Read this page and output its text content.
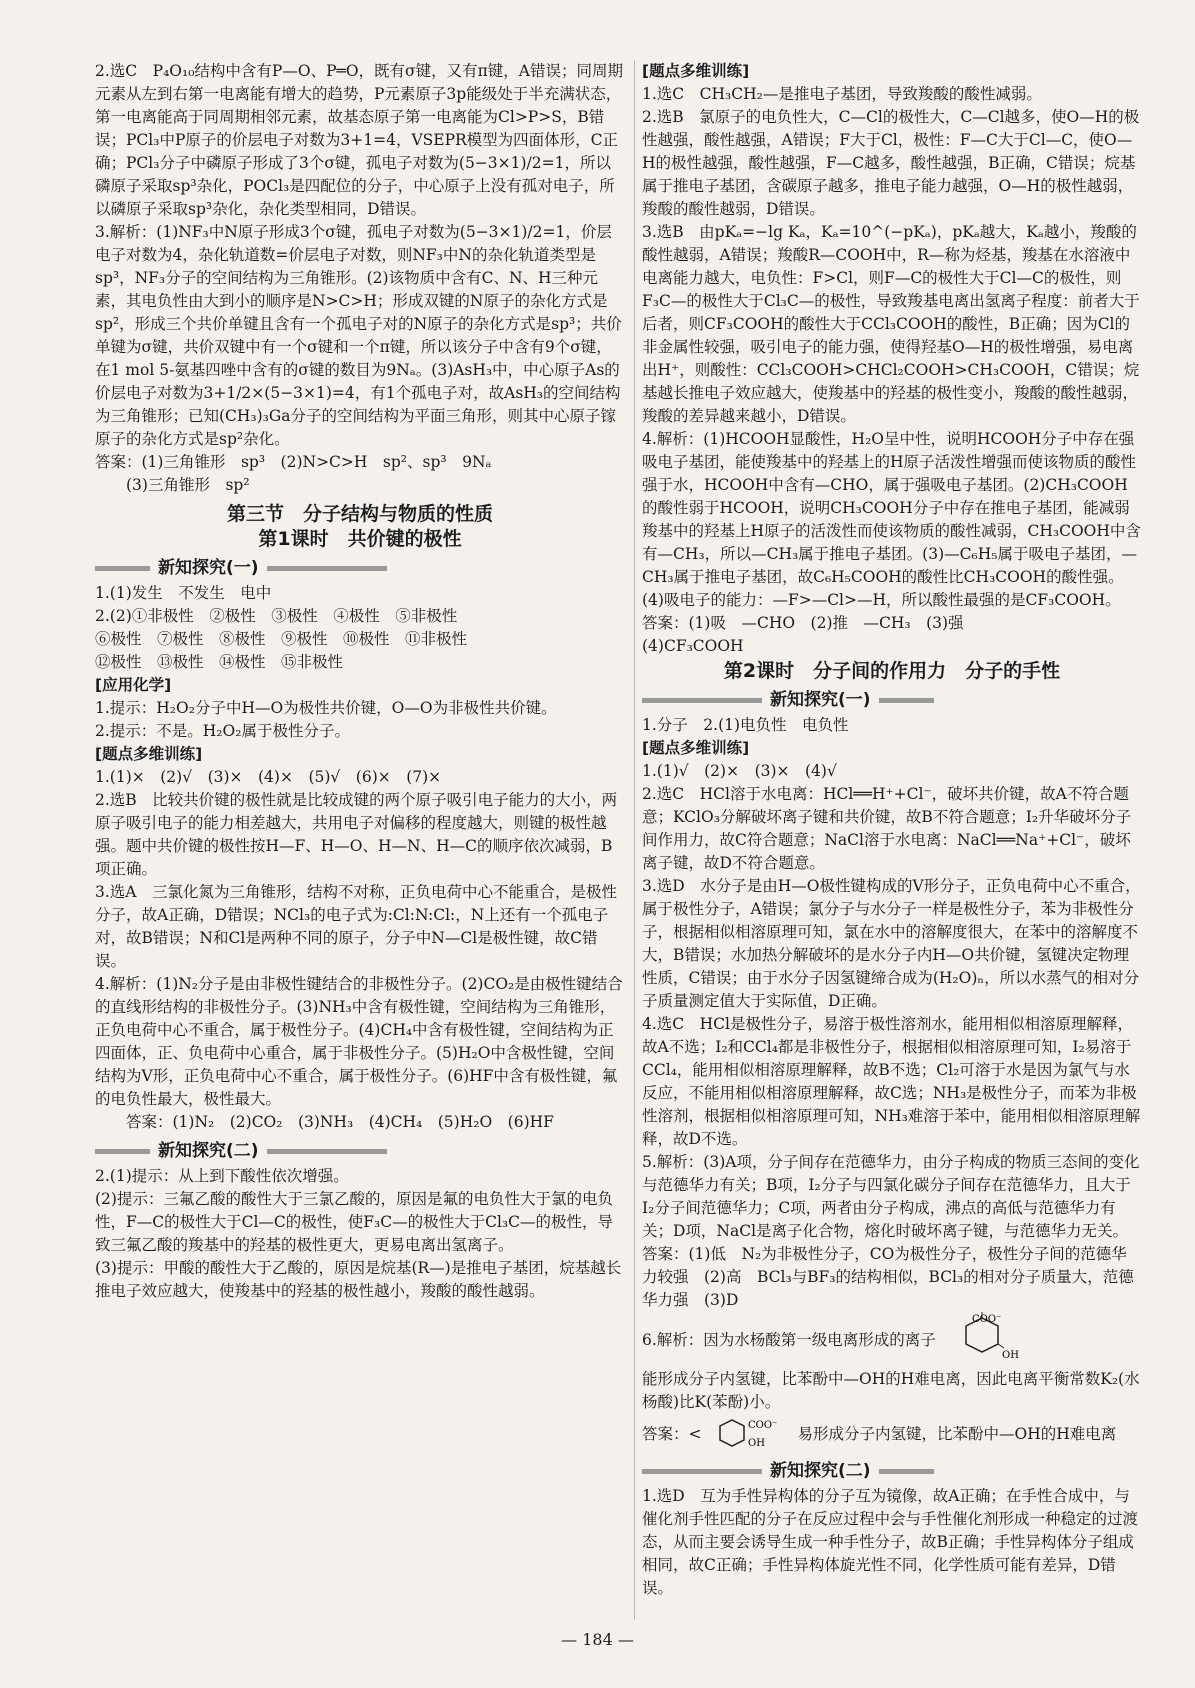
2.选C　P₄O₁₀结构中含有P—O、P═O，既有σ键，又有π键，A错误；同周期元素从左到右第一电离能有增大的趋势，P元素原子3p能级处于半充满状态，第一电离能高于同周期相邻元素，故基态原子第一电离能为Cl>P>S，B错误；PCl₃中P原子的价层电子对数为3+1=4，VSEPR模型为四面体形，C正确；PCl₃分子中磷原子形成了3个σ键，孤电子对数为(5−3×1)/2=1，所以磷原子采取sp³杂化，POCl₃是四配位的分子，中心原子上没有孤对电子，所以磷原子采取sp³杂化，杂化类型相同，D错误。

3.解析：(1)NF₃中N原子形成3个σ键，孤电子对数为(5−3×1)/2=1，价层电子对数为4，杂化轨道数=价层电子对数，则NF₃中N的杂化轨道类型是sp³，NF₃分子的空间结构为三角锥形。(2)该物质中含有C、N、H三种元素，其电负性由大到小的顺序是N>C>H；形成双键的N原子的杂化方式是sp²，形成三个共价单键且含有一个孤电子对的N原子的杂化方式是sp³；共价单键为σ键，共价双键中有一个σ键和一个π键，所以该分子中含有9个σ键，在1 mol 5-氨基四唑中含有的σ键的数目为9Nₐ。(3)AsH₃中，中心原子As的价层电子对数为3+1/2×(5−3×1)=4，有1个孤电子对，故AsH₃的空间结构为三角锥形；已知(CH₃)₃Ga分子的空间结构为平面三角形，则其中心原子镓原子的杂化方式是sp²杂化。

答案：(1)三角锥形　sp³　(2)N>C>H　sp²、sp³　9Nₐ

(3)三角锥形　sp²

第三节　分子结构与物质的性质
第1课时　共价键的极性
新知探究(一)

1.(1)发生　不发生　电中

2.(2)①非极性　②极性　③极性　④极性　⑤非极性

⑥极性　⑦极性　⑧极性　⑨极性　⑩极性　⑪非极性

⑫极性　⑬极性　⑭极性　⑮非极性

[应用化学]

1.提示：H₂O₂分子中H—O为极性共价键，O—O为非极性共价键。

2.提示：不是。H₂O₂属于极性分子。

[题点多维训练]

1.(1)×　(2)√　(3)×　(4)×　(5)√　(6)×　(7)×

2.选B　比较共价键的极性就是比较成键的两个原子吸引电子能力的大小，两原子吸引电子的能力相差越大，共用电子对偏移的程度越大，则键的极性越强。题中共价键的极性按H—F、H—O、H—N、H—C的顺序依次减弱，B项正确。

3.选A　三氯化氮为三角锥形，结构不对称，正负电荷中心不能重合，是极性分子，故A正确，D错误；NCl₃的电子式为:Cl:N:Cl:，N上还有一个孤电子对，故B错误；N和Cl是两种不同的原子，分子中N—Cl是极性键，故C错误。

4.解析：(1)N₂分子是由非极性键结合的非极性分子。(2)CO₂是由极性键结合的直线形结构的非极性分子。(3)NH₃中含有极性键，空间结构为三角锥形，正负电荷中心不重合，属于极性分子。(4)CH₄中含有极性键，空间结构为正四面体，正、负电荷中心重合，属于非极性分子。(5)H₂O中含极性键，空间结构为V形，正负电荷中心不重合，属于极性分子。(6)HF中含有极性键，氟的电负性最大，极性最大。

答案：(1)N₂　(2)CO₂　(3)NH₃　(4)CH₄　(5)H₂O　(6)HF

新知探究(二)

2.(1)提示：从上到下酸性依次增强。

(2)提示：三氟乙酸的酸性大于三氯乙酸的，原因是氟的电负性大于氯的电负性，F—C的极性大于Cl—C的极性，使F₃C—的极性大于Cl₃C—的极性，导致三氟乙酸的羧基中的羟基的极性更大，更易电离出氢离子。

(3)提示：甲酸的酸性大于乙酸的，原因是烷基(R—)是推电子基团，烷基越长推电子效应越大，使羧基中的羟基的极性越小，羧酸的酸性越弱。

[题点多维训练]

1.选C　CH₃CH₂—是推电子基团，导致羧酸的酸性减弱。

2.选B　氯原子的电负性大，C—Cl的极性大，C—Cl越多，使O—H的极性越强，酸性越强，A错误；F大于Cl，极性：F—C大于Cl—C，使O—H的极性越强，酸性越强，F—C越多，酸性越强，B正确，C错误；烷基属于推电子基团，含碳原子越多，推电子能力越强，O—H的极性越弱，羧酸的酸性越弱，D错误。

3.选B　由pKₐ=−lg Kₐ，Kₐ=10^(−pKₐ)，pKₐ越大，Kₐ越小，羧酸的酸性越弱，A错误；羧酸R—COOH中，R—称为烃基，羧基在水溶液中电离能力越大，电负性：F>Cl，则F—C的极性大于Cl—C的极性，则F₃C—的极性大于Cl₃C—的极性，导致羧基电离出氢离子程度：前者大于后者，则CF₃COOH的酸性大于CCl₃COOH的酸性，B正确；因为Cl的非金属性较强，吸引电子的能力强，使得羟基O—H的极性增强，易电离出H⁺，则酸性：CCl₃COOH>CHCl₂COOH>CH₃COOH，C错误；烷基越长推电子效应越大，使羧基中的羟基的极性变小，羧酸的酸性越弱，羧酸的差异越来越小，D错误。

4.解析：(1)HCOOH显酸性，H₂O呈中性，说明HCOOH分子中存在强吸电子基团，能使羧基中的羟基上的H原子活泼性增强而使该物质的酸性强于水，HCOOH中含有—CHO，属于强吸电子基团。(2)CH₃COOH的酸性弱于HCOOH，说明CH₃COOH分子中存在推电子基团，能减弱羧基中的羟基上H原子的活泼性而使该物质的酸性减弱，CH₃COOH中含有—CH₃，所以—CH₃属于推电子基团。(3)—C₆H₅属于吸电子基团，—CH₃属于推电子基团，故C₆H₅COOH的酸性比CH₃COOH的酸性强。(4)吸电子的能力：—F>—Cl>—H，所以酸性最强的是CF₃COOH。

答案：(1)吸　—CHO　(2)推　—CH₃　(3)强

(4)CF₃COOH

第2课时　分子间的作用力　分子的手性
新知探究(一)

1.分子　2.(1)电负性　电负性

[题点多维训练]

1.(1)√　(2)×　(3)×　(4)√

2.选C　HCl溶于水电离：HCl══H⁺+Cl⁻，破坏共价键，故A不符合题意；KClO₃分解破坏离子键和共价键，故B不符合题意；I₂升华破坏分子间作用力，故C符合题意；NaCl溶于水电离：NaCl══Na⁺+Cl⁻，破坏离子键，故D不符合题意。

3.选D　水分子是由H—O极性键构成的V形分子，正负电荷中心不重合，属于极性分子，A错误；氯分子与水分子一样是极性分子，苯为非极性分子，根据相似相溶原理可知，氯在水中的溶解度很大，在苯中的溶解度不大，B错误；水加热分解破坏的是水分子内H—O共价键，氢键决定物理性质，C错误；由于水分子因氢键缔合成为(H₂O)ₙ，所以水蒸气的相对分子质量测定值大于实际值，D正确。

4.选C　HCl是极性分子，易溶于极性溶剂水，能用相似相溶原理解释，故A不选；I₂和CCl₄都是非极性分子，根据相似相溶原理可知，I₂易溶于CCl₄，能用相似相溶原理解释，故B不选；Cl₂可溶于水是因为氯气与水反应，不能用相似相溶原理解释，故C选；NH₃是极性分子，而苯为非极性溶剂，根据相似相溶原理可知，NH₃难溶于苯中，能用相似相溶原理解释，故D不选。

5.解析：(3)A项，分子间存在范德华力，由分子构成的物质三态间的变化与范德华力有关；B项，I₂分子与四氯化碳分子间存在范德华力，且大于I₂分子间范德华力；C项，两者由分子构成，沸点的高低与范德华力有关；D项，NaCl是离子化合物，熔化时破坏离子键，与范德华力无关。

答案：(1)低　N₂为非极性分子，CO为极性分子，极性分子间的范德华力较强　(2)高　BCl₃与BF₃的结构相似，BCl₃的相对分子质量大，范德华力强　(3)D

6.解析：因为水杨酸第一级电离形成的离子
COO⁻
OH

能形成分子内氢键，比苯酚中—OH的H难电离，因此电离平衡常数K₂(水杨酸)比K(苯酚)小。

答案：<	COO⁻
OH
易形成分子内氢键，比苯酚中—OH的H难电离
新知探究(二)

1.选D　互为手性异构体的分子互为镜像，故A正确；在手性合成中，与催化剂手性匹配的分子在反应过程中会与手性催化剂形成一种稳定的过渡态，从而主要会诱导生成一种手性分子，故B正确；手性异构体分子组成相同，故C正确；手性异构体旋光性不同，化学性质可能有差异，D错误。

— 184 —
